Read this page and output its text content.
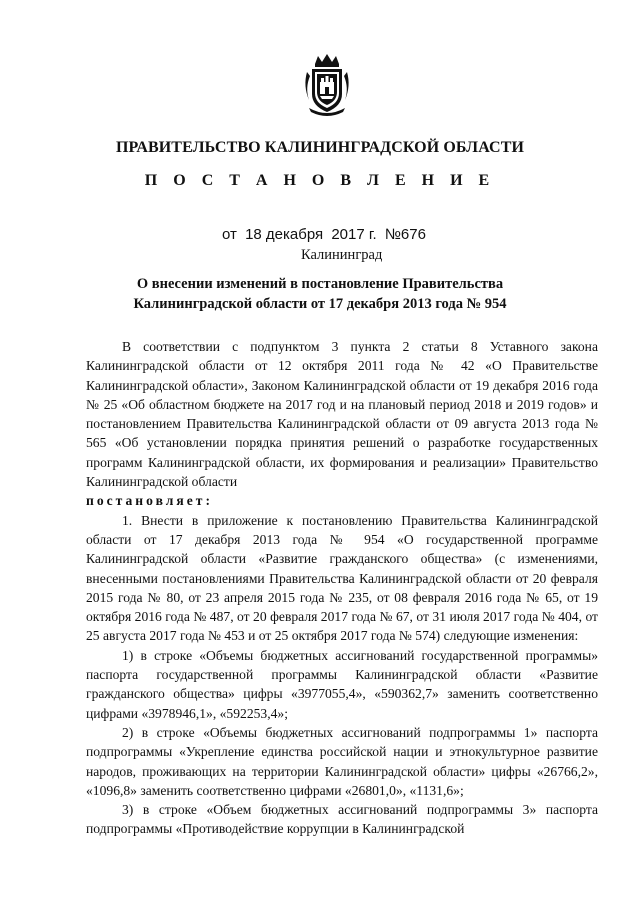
ПРАВИТЕЛЬСТВО КАЛИНИНГРАДСКОЙ ОБЛАСТИ
П О С Т А Н О В Л Е Н И Е
от 18 декабря 2017 г. №676
Калининград
О внесении изменений в постановление Правительства
Калининградской области от 17 декабря 2013 года № 954

В соответствии с подпунктом 3 пункта 2 статьи 8 Уставного закона Калининградской области от 12 октября 2011 года № 42 «О Правительстве Калининградской области», Законом Калининградской области от 19 декабря 2016 года № 25 «Об областном бюджете на 2017 год и на плановый период 2018 и 2019 годов» и постановлением Правительства Калининградской области от 09 августа 2013 года № 565 «Об установлении порядка принятия решений о разработке государственных программ Калининградской области, их формирования и реализации» Правительство Калининградской области

постановляет:

1. Внести в приложение к постановлению Правительства Калининградской области от 17 декабря 2013 года № 954 «О государственной программе Калининградской области «Развитие гражданского общества» (с изменениями, внесенными постановлениями Правительства Калининградской области от 20 февраля 2015 года № 80, от 23 апреля 2015 года № 235, от 08 февраля 2016 года № 65, от 19 октября 2016 года № 487, от 20 февраля 2017 года № 67, от 31 июля 2017 года № 404, от 25 августа 2017 года № 453 и от 25 октября 2017 года № 574) следующие изменения:

1) в строке «Объемы бюджетных ассигнований государственной программы» паспорта государственной программы Калининградской области «Развитие гражданского общества» цифры «3977055,4», «590362,7» заменить соответственно цифрами «3978946,1», «592253,4»;

2) в строке «Объемы бюджетных ассигнований подпрограммы 1» паспорта подпрограммы «Укрепление единства российской нации и этнокультурное развитие народов, проживающих на территории Калининградской области» цифры «26766,2», «1096,8» заменить соответственно цифрами «26801,0», «1131,6»;

3) в строке «Объем бюджетных ассигнований подпрограммы 3» паспорта подпрограммы «Противодействие коррупции в Калининградской
